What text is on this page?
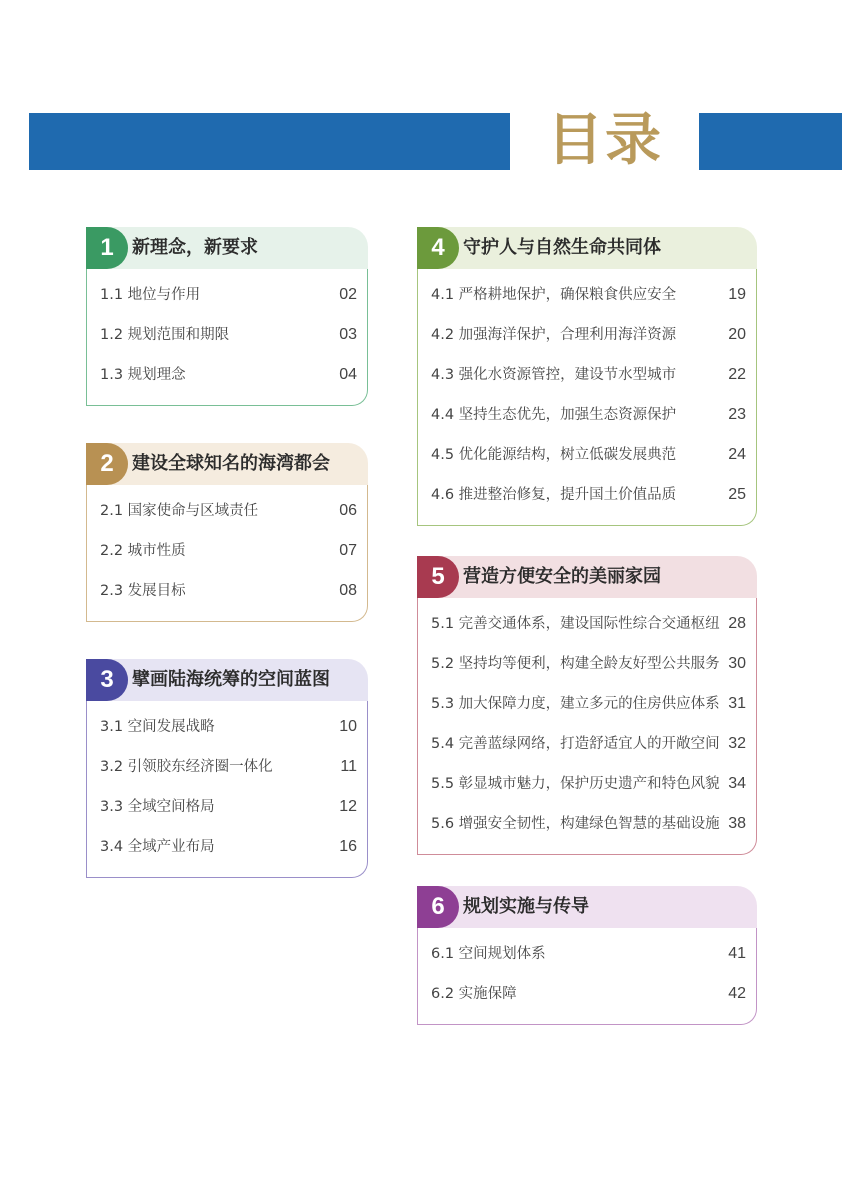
目录
1	新理念，新要求
1.1 地位与作用	02
1.2 规划范围和期限	03
1.3 规划理念	04
2	建设全球知名的海湾都会
2.1 国家使命与区域责任	06
2.2 城市性质	07
2.3 发展目标	08
3	擘画陆海统筹的空间蓝图
3.1 空间发展战略	10
3.2 引领胶东经济圈一体化	11
3.3 全域空间格局	12
3.4 全域产业布局	16
4	守护人与自然生命共同体
4.1 严格耕地保护，确保粮食供应安全	19
4.2 加强海洋保护，合理利用海洋资源	20
4.3 强化水资源管控，建设节水型城市	22
4.4 坚持生态优先，加强生态资源保护	23
4.5 优化能源结构，树立低碳发展典范	24
4.6 推进整治修复，提升国土价值品质	25
5	营造方便安全的美丽家园
5.1 完善交通体系，建设国际性综合交通枢纽 28
5.2 坚持均等便利，构建全龄友好型公共服务 30
5.3 加大保障力度，建立多元的住房供应体系 31
5.4 完善蓝绿网络，打造舒适宜人的开敞空间 32
5.5 彰显城市魅力，保护历史遗产和特色风貌 34
5.6 增强安全韧性，构建绿色智慧的基础设施 38
6	规划实施与传导
6.1 空间规划体系	41
6.2 实施保障	42
